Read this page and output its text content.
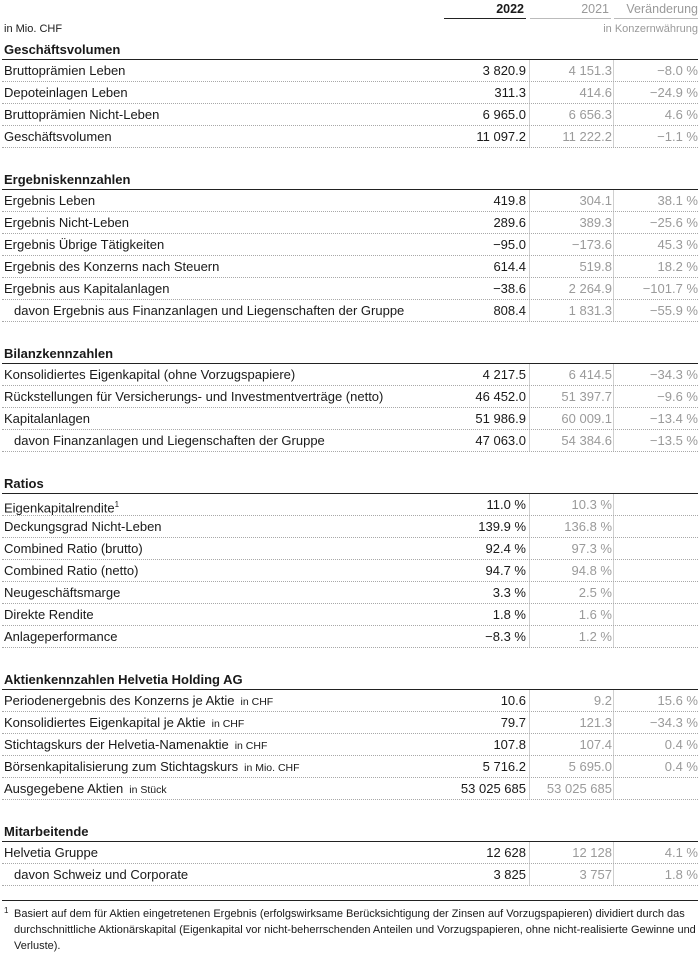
2022	2021	Veränderung
in Mio. CHF	in Konzernwährung
Geschäftsvolumen
Bruttoprämien Leben	3 820.9	4 151.3	−8.0 %
Depoteinlagen Leben	311.3	414.6	−24.9 %
Bruttoprämien Nicht-Leben	6 965.0	6 656.3	4.6 %
Geschäftsvolumen	11 097.2	11 222.2	−1.1 %
Ergebniskennzahlen
Ergebnis Leben	419.8	304.1	38.1 %
Ergebnis Nicht-Leben	289.6	389.3	−25.6 %
Ergebnis Übrige Tätigkeiten	−95.0	−173.6	45.3 %
Ergebnis des Konzerns nach Steuern	614.4	519.8	18.2 %
Ergebnis aus Kapitalanlagen	−38.6	2 264.9	−101.7 %
davon Ergebnis aus Finanzanlagen und Liegenschaften der Gruppe	808.4	1 831.3	−55.9 %
Bilanzkennzahlen
Konsolidiertes Eigenkapital (ohne Vorzugspapiere)	4 217.5	6 414.5	−34.3 %
Rückstellungen für Versicherungs- und Investmentverträge (netto)	46 452.0	51 397.7	−9.6 %
Kapitalanlagen	51 986.9	60 009.1	−13.4 %
davon Finanzanlagen und Liegenschaften der Gruppe	47 063.0	54 384.6	−13.5 %
Ratios
Eigenkapitalrendite$^1$	11.0 %	10.3 %
Deckungsgrad Nicht-Leben	139.9 %	136.8 %
Combined Ratio (brutto)	92.4 %	97.3 %
Combined Ratio (netto)	94.7 %	94.8 %
Neugeschäftsmarge	3.3 %	2.5 %
Direkte Rendite	1.8 %	1.6 %
Anlageperformance	−8.3 %	1.2 %
Aktienkennzahlen Helvetia Holding AG
Periodenergebnis des Konzerns je Aktie in CHF	10.6	9.2	15.6 %
Konsolidiertes Eigenkapital je Aktie in CHF	79.7	121.3	−34.3 %
Stichtagskurs der Helvetia-Namenaktie in CHF	107.8	107.4	0.4 %
Börsenkapitalisierung zum Stichtagskurs in Mio. CHF	5 716.2	5 695.0	0.4 %
Ausgegebene Aktien in Stück	53 025 685	53 025 685
Mitarbeitende
Helvetia Gruppe	12 628	12 128	4.1 %
davon Schweiz und Corporate	3 825	3 757	1.8 %
1 Basiert auf dem für Aktien eingetretenen Ergebnis (erfolgswirksame Berücksichtigung der Zinsen auf Vorzugspapieren) dividiert durch das durchschnittliche Aktionärskapital (Eigenkapital vor nicht-beherrschenden Anteilen und Vorzugspapieren, ohne nicht-realisierte Gewinne und Verluste).
